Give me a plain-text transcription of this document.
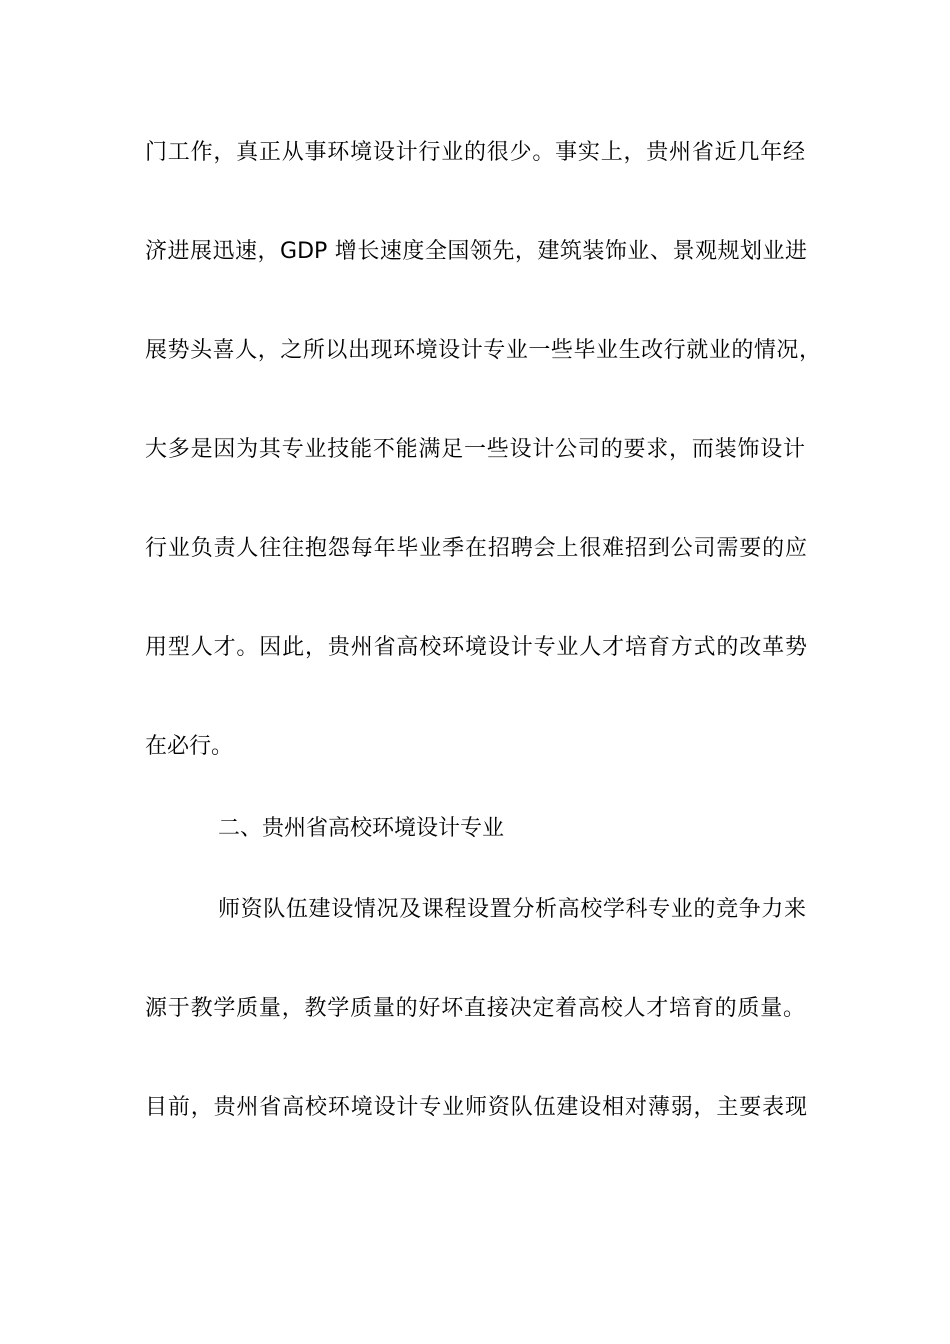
门工作，真正从事环境设计行业的很少。事实上，贵州省近几年经
济进展迅速，GDP 增长速度全国领先，建筑装饰业、景观规划业进
展势头喜人，之所以出现环境设计专业一些毕业生改行就业的情况，
大多是因为其专业技能不能满足一些设计公司的要求，而装饰设计
行业负责人往往抱怨每年毕业季在招聘会上很难招到公司需要的应
用型人才。因此，贵州省高校环境设计专业人才培育方式的改革势
在必行。
二、贵州省高校环境设计专业
师资队伍建设情况及课程设置分析高校学科专业的竞争力来
源于教学质量，教学质量的好坏直接决定着高校人才培育的质量。
目前，贵州省高校环境设计专业师资队伍建设相对薄弱，主要表现
